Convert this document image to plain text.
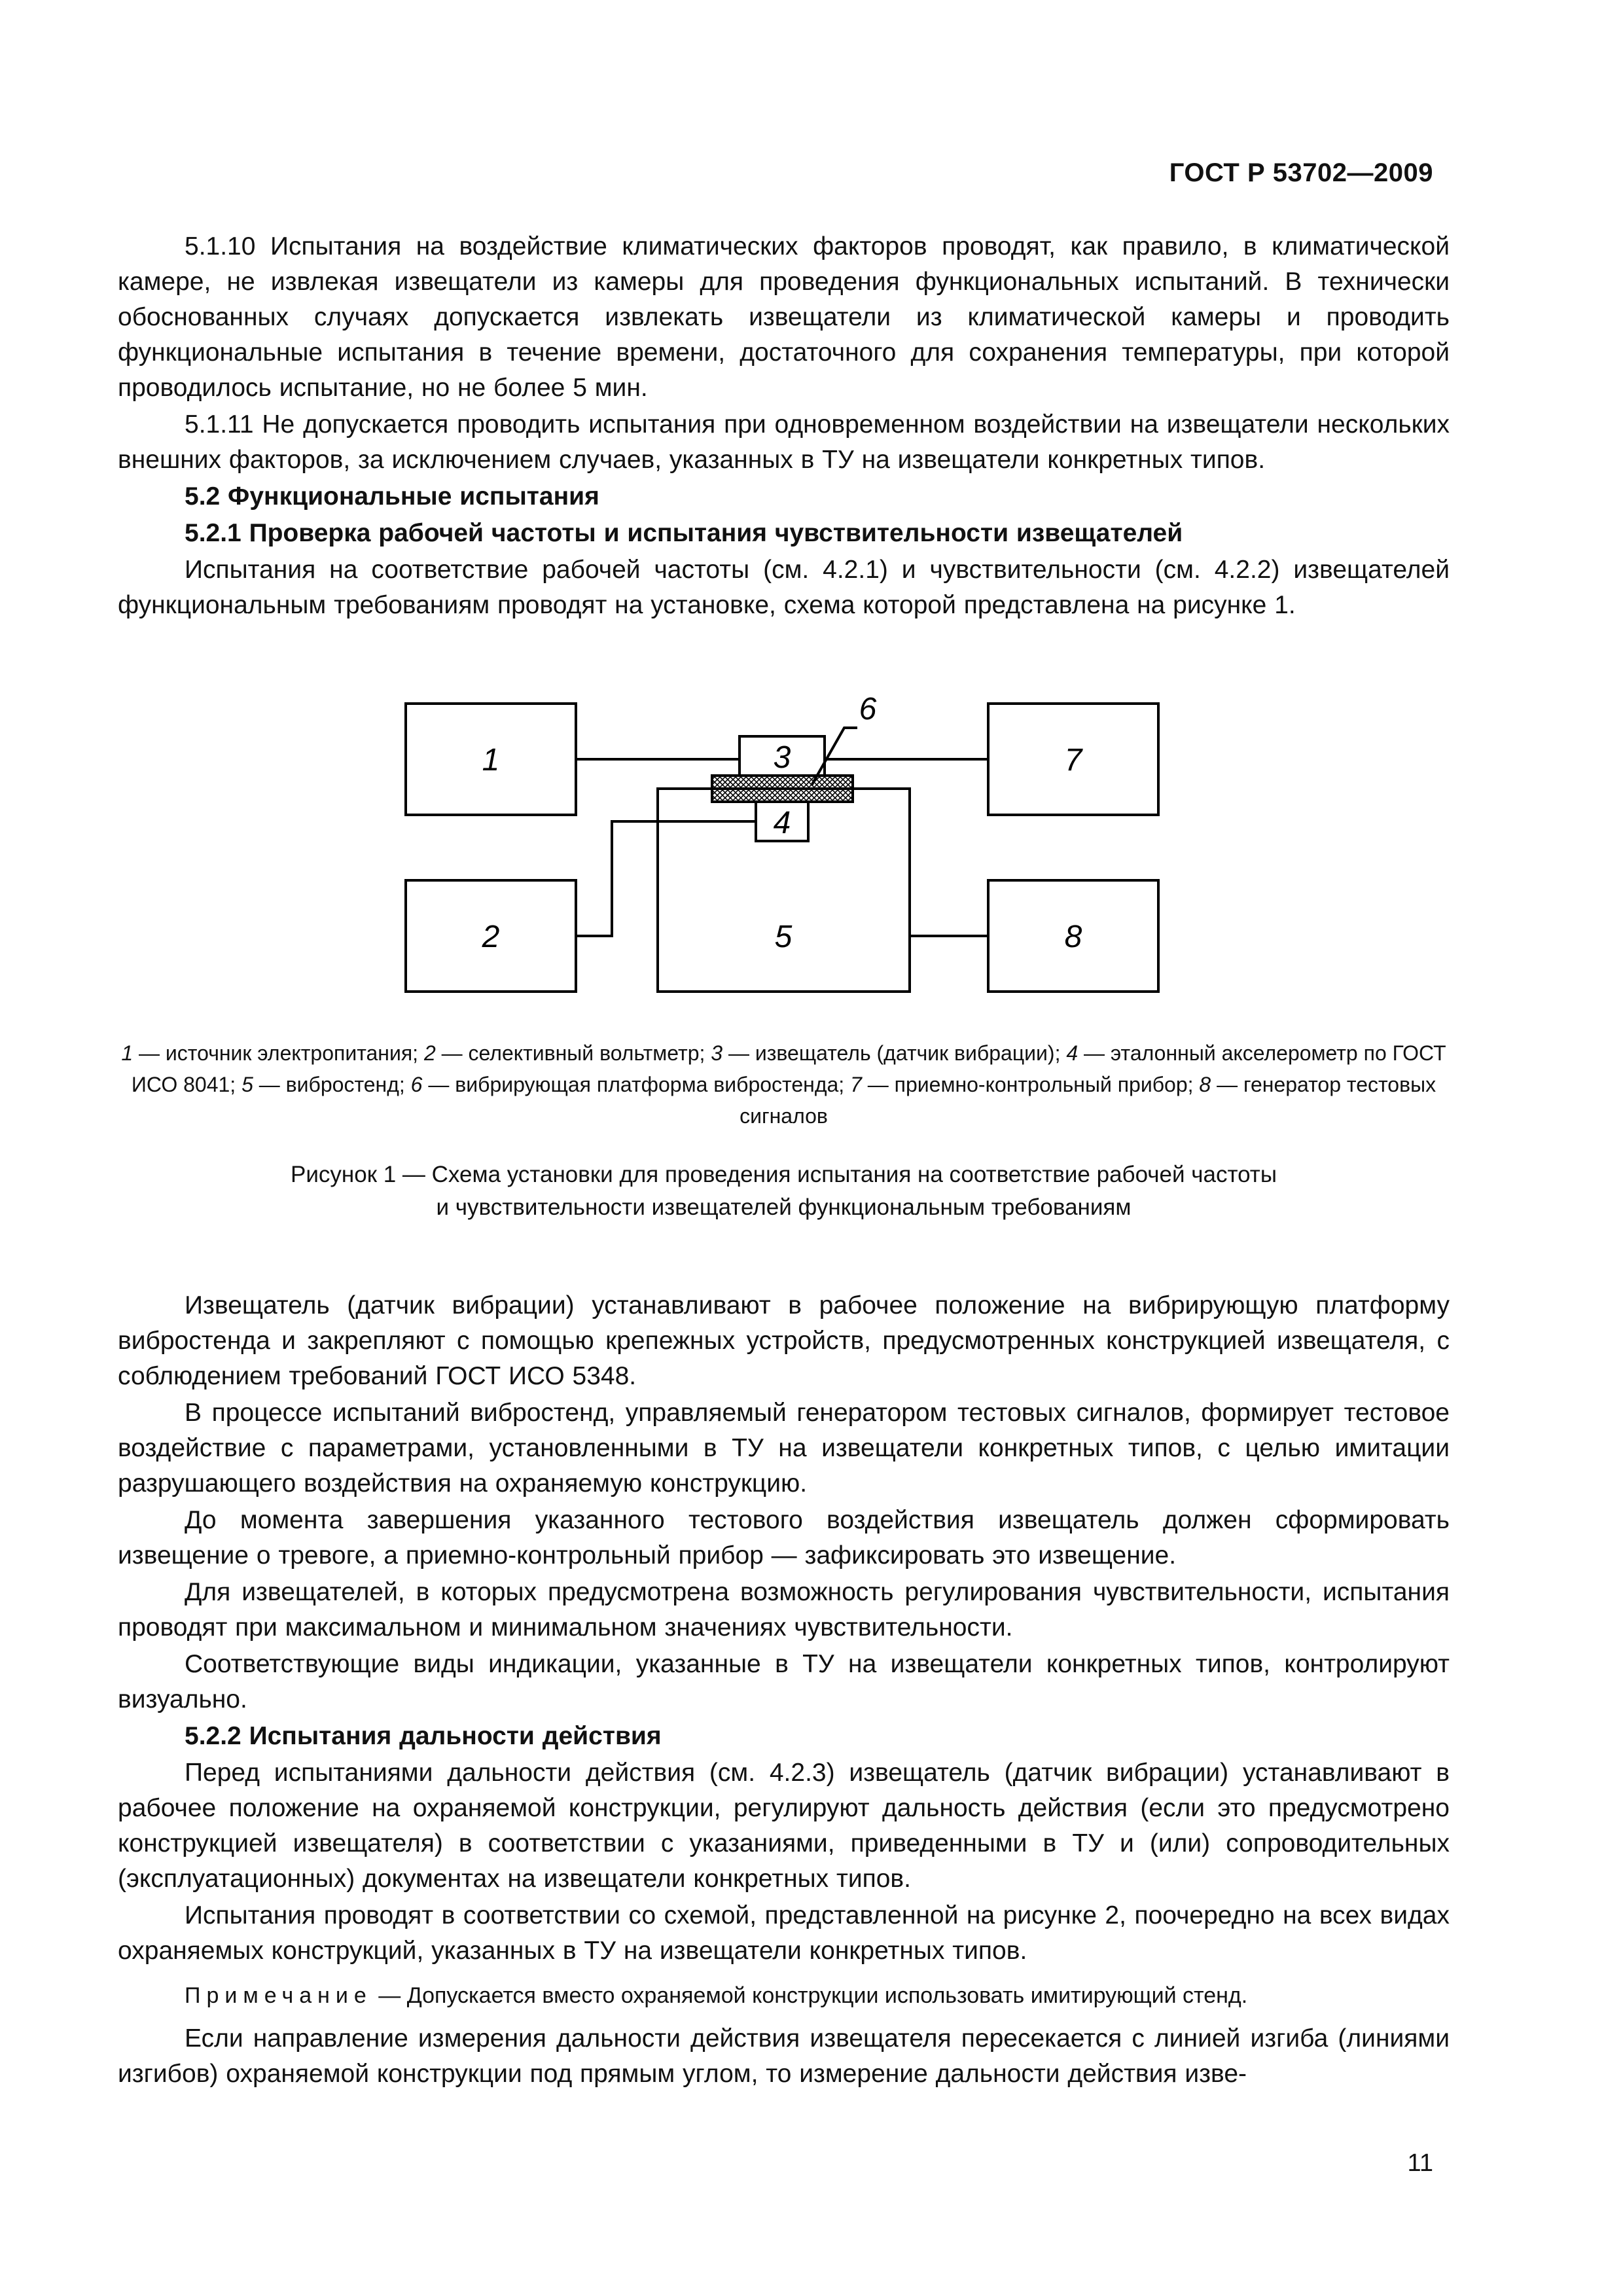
ГОСТ Р 53702—2009

5.1.10 Испытания на воздействие климатических факторов проводят, как правило, в климатической камере, не извлекая извещатели из камеры для проведения функциональных испытаний. В технически обоснованных случаях допускается извлекать извещатели из климатической камеры и проводить функциональные испытания в течение времени, достаточного для сохранения температуры, при которой проводилось испытание, но не более 5 мин.

5.1.11 Не допускается проводить испытания при одновременном воздействии на извещатели нескольких внешних факторов, за исключением случаев, указанных в ТУ на извещатели конкретных типов.

5.2 Функциональные испытания

5.2.1 Проверка рабочей частоты и испытания чувствительности извещателей

Испытания на соответствие рабочей частоты (см. 4.2.1) и чувствительности (см. 4.2.2) извещателей функциональным требованиям проводят на установке, схема которой представлена на рисунке 1.

1
2
3
4
5
6
7
8
1 — источник электропитания; 2 — селективный вольтметр; 3 — извещатель (датчик вибрации); 4 — эталонный акселерометр по ГОСТ ИСО 8041; 5 — вибростенд; 6 — вибрирующая платформа вибростенда; 7 — приемно-контрольный прибор; 8 — генератор тестовых сигналов
Рисунок 1 — Схема установки для проведения испытания на соответствие рабочей частоты
и чувствительности извещателей функциональным требованиям

Извещатель (датчик вибрации) устанавливают в рабочее положение на вибрирующую платформу вибростенда и закрепляют с помощью крепежных устройств, предусмотренных конструкцией извещателя, с соблюдением требований ГОСТ ИСО 5348.

В процессе испытаний вибростенд, управляемый генератором тестовых сигналов, формирует тестовое воздействие с параметрами, установленными в ТУ на извещатели конкретных типов, с целью имитации разрушающего воздействия на охраняемую конструкцию.

До момента завершения указанного тестового воздействия извещатель должен сформировать извещение о тревоге, а приемно-контрольный прибор — зафиксировать это извещение.

Для извещателей, в которых предусмотрена возможность регулирования чувствительности, испытания проводят при максимальном и минимальном значениях чувствительности.

Соответствующие виды индикации, указанные в ТУ на извещатели конкретных типов, контролируют визуально.

5.2.2 Испытания дальности действия

Перед испытаниями дальности действия (см. 4.2.3) извещатель (датчик вибрации) устанавливают в рабочее положение на охраняемой конструкции, регулируют дальность действия (если это предусмотрено конструкцией извещателя) в соответствии с указаниями, приведенными в ТУ и (или) сопроводительных (эксплуатационных) документах на извещатели конкретных типов.

Испытания проводят в соответствии со схемой, представленной на рисунке 2, поочередно на всех видах охраняемых конструкций, указанных в ТУ на извещатели конкретных типов.

Примечание — Допускается вместо охраняемой конструкции использовать имитирующий стенд.

Если направление измерения дальности действия извещателя пересекается с линией изгиба (линиями изгибов) охраняемой конструкции под прямым углом, то измерение дальности действия изве-

11
